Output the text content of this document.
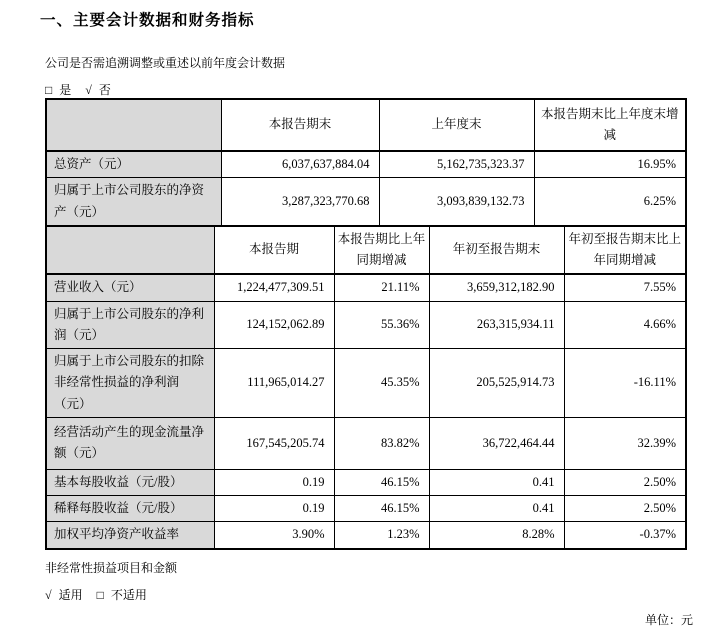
一、主要会计数据和财务指标
公司是否需追溯调整或重述以前年度会计数据
□ 是 √ 否
	本报告期末	上年度末	本报告期末比上年度末增减
总资产（元）	6,037,637,884.04	5,162,735,323.37	16.95%
归属于上市公司股东的净资产（元）	3,287,323,770.68	3,093,839,132.73	6.25%
	本报告期	本报告期比上年同期增减	年初至报告期末	年初至报告期末比上年同期增减
营业收入（元）	1,224,477,309.51	21.11%	3,659,312,182.90	7.55%
归属于上市公司股东的净利润（元）	124,152,062.89	55.36%	263,315,934.11	4.66%
归属于上市公司股东的扣除非经常性损益的净利润（元）	111,965,014.27	45.35%	205,525,914.73	-16.11%
经营活动产生的现金流量净额（元）	167,545,205.74	83.82%	36,722,464.44	32.39%
基本每股收益（元/股）	0.19	46.15%	0.41	2.50%
稀释每股收益（元/股）	0.19	46.15%	0.41	2.50%
加权平均净资产收益率	3.90%	1.23%	8.28%	-0.37%
非经常性损益项目和金额
√ 适用 □ 不适用
单位：元
